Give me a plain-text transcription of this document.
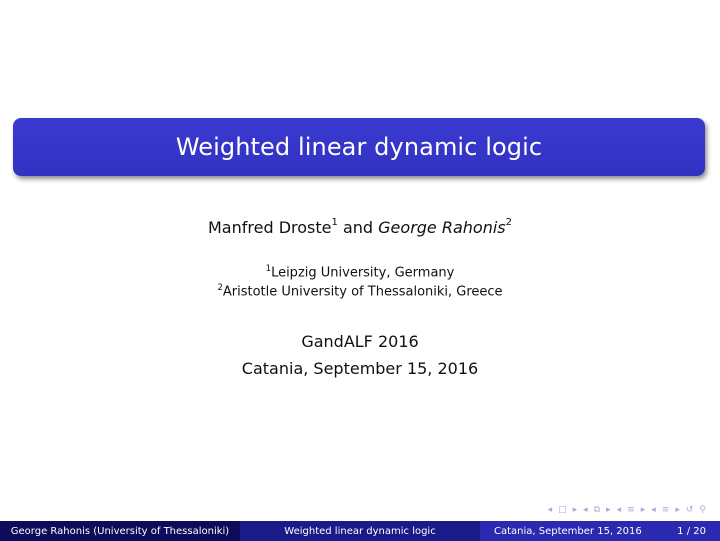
Weighted linear dynamic logic
Manfred Droste$^1$ and George Rahonis$^2$
$^1$Leipzig University, Germany
$^2$Aristotle University of Thessaloniki, Greece
GandALF 2016
Catania, September 15, 2016
◂ □ ▸ ◂ ⧉ ▸ ◂ ≡ ▸ ◂ ≡ ▸ ↺ ⚲
George Rahonis (University of Thessaloniki)	Weighted linear dynamic logic	Catania, September 15, 2016	1 / 20
